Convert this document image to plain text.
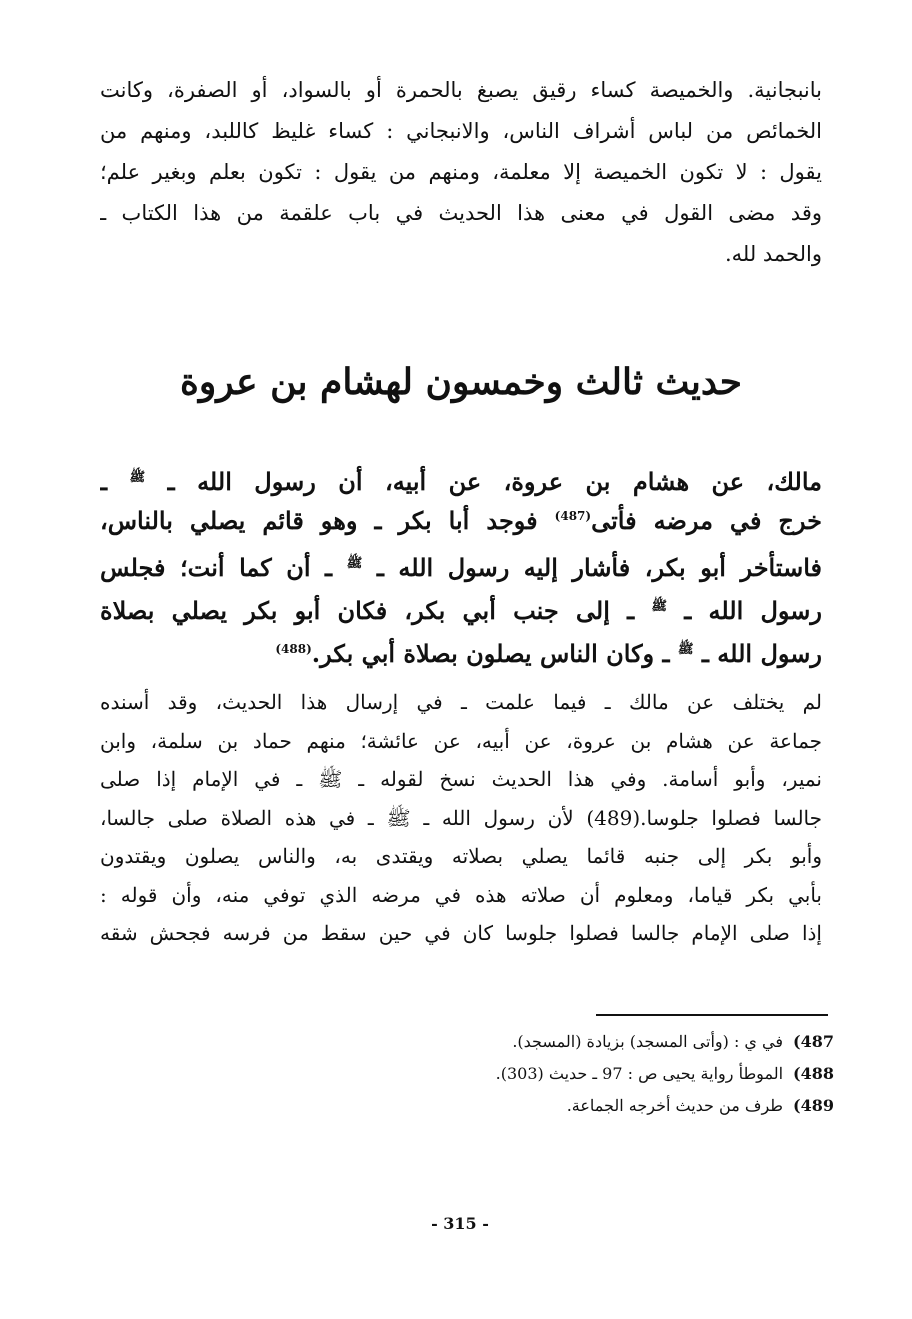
بانبجانية. والخميصة كساء رقيق يصبغ بالحمرة أو بالسواد، أو الصفرة، وكانت
الخمائص من لباس أشراف الناس، والانبجاني : كساء غليظ كاللبد، ومنهم من
يقول : لا تكون الخميصة إلا معلمة، ومنهم من يقول : تكون بعلم وبغير علم؛
وقد مضى القول في معنى هذا الحديث في باب علقمة من هذا الكتاب ـ
والحمد لله.
حديث ثالث وخمسون لهشام بن عروة
مالك، عن هشام بن عروة، عن أبيه، أن رسول الله ـ $^ﷺ$ ـ
خرج في مرضه فأتى$^{(487)}$ فوجد أبا بكر ـ وهو قائم يصلي بالناس،
فاستأخر أبو بكر، فأشار إليه رسول الله ـ $^ﷺ$ ـ أن كما أنت؛ فجلس
رسول الله ـ $^ﷺ$ ـ إلى جنب أبي بكر، فكان أبو بكر يصلي بصلاة
رسول الله ـ $^ﷺ$ ـ وكان الناس يصلون بصلاة أبي بكر.$^{(488)}$
لم يختلف عن مالك ـ فيما علمت ـ في إرسال هذا الحديث، وقد أسنده
جماعة عن هشام بن عروة، عن أبيه، عن عائشة؛ منهم حماد بن سلمة، وابن
نمير، وأبو أسامة. وفي هذا الحديث نسخ لقوله ـ ﷺ ـ في الإمام إذا صلى
جالسا فصلوا جلوسا.(489) لأن رسول الله ـ ﷺ ـ في هذه الصلاة صلى جالسا،
وأبو بكر إلى جنبه قائما يصلي بصلاته ويقتدى به، والناس يصلون ويقتدون
بأبي بكر قياما، ومعلوم أن صلاته هذه في مرضه الذي توفي منه، وأن قوله :
إذا صلى الإمام جالسا فصلوا جلوسا كان في حين سقط من فرسه فجحش شقه
487)في ي : (وأتى المسجد) بزيادة (المسجد).
488)الموطأ رواية يحيى ص : 97 ـ حديث (303).
489)طرف من حديث أخرجه الجماعة.
- 315 -
